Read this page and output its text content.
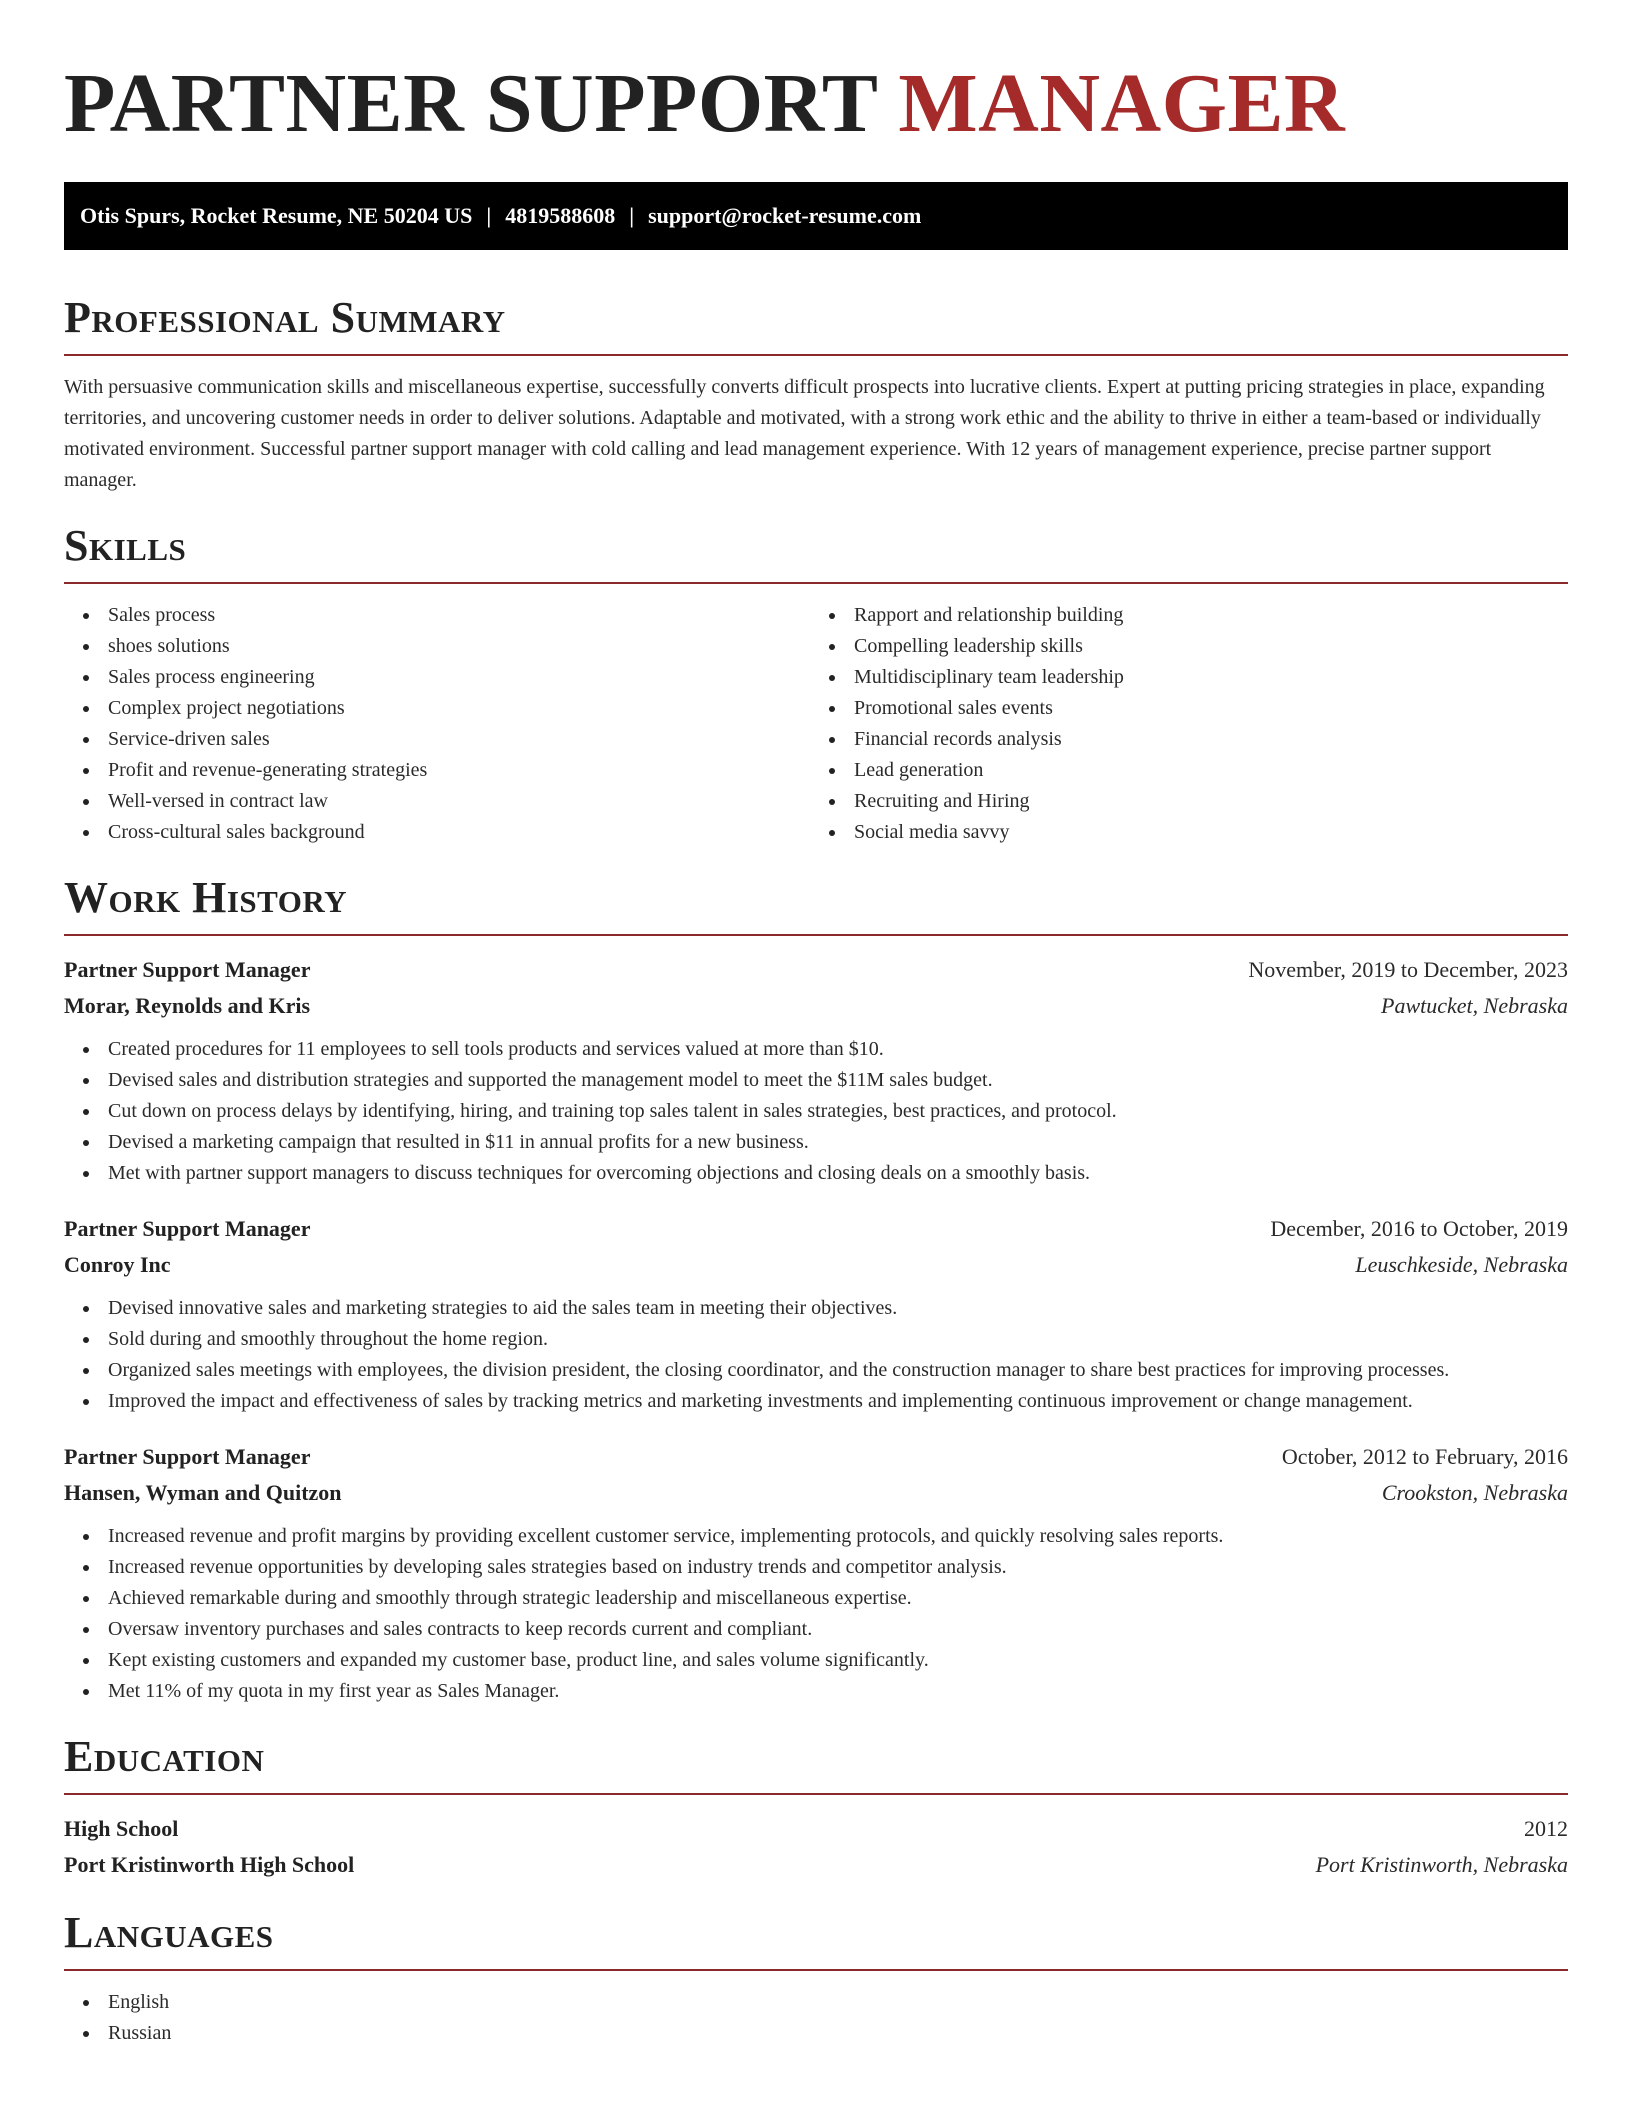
PARTNER SUPPORT MANAGER
Otis Spurs, Rocket Resume, NE 50204 US | 4819588608 | support@rocket-resume.com
Professional Summary

With persuasive communication skills and miscellaneous expertise, successfully converts difficult prospects into lucrative clients. Expert at putting pricing strategies in place, expanding territories, and uncovering customer needs in order to deliver solutions. Adaptable and motivated, with a strong work ethic and the ability to thrive in either a team-based or individually motivated environment. Successful partner support manager with cold calling and lead management experience. With 12 years of management experience, precise partner support manager.

Skills
Sales process
shoes solutions
Sales process engineering
Complex project negotiations
Service-driven sales
Profit and revenue-generating strategies
Well-versed in contract law
Cross-cultural sales background
Rapport and relationship building
Compelling leadership skills
Multidisciplinary team leadership
Promotional sales events
Financial records analysis
Lead generation
Recruiting and Hiring
Social media savvy
Work History
Partner Support Manager	November, 2019 to December, 2023
Morar, Reynolds and Kris	Pawtucket, Nebraska
Created procedures for 11 employees to sell tools products and services valued at more than $10.
Devised sales and distribution strategies and supported the management model to meet the $11M sales budget.
Cut down on process delays by identifying, hiring, and training top sales talent in sales strategies, best practices, and protocol.
Devised a marketing campaign that resulted in $11 in annual profits for a new business.
Met with partner support managers to discuss techniques for overcoming objections and closing deals on a smoothly basis.
Partner Support Manager	December, 2016 to October, 2019
Conroy Inc	Leuschkeside, Nebraska
Devised innovative sales and marketing strategies to aid the sales team in meeting their objectives.
Sold during and smoothly throughout the home region.
Organized sales meetings with employees, the division president, the closing coordinator, and the construction manager to share best practices for improving processes.
Improved the impact and effectiveness of sales by tracking metrics and marketing investments and implementing continuous improvement or change management.
Partner Support Manager	October, 2012 to February, 2016
Hansen, Wyman and Quitzon	Crookston, Nebraska
Increased revenue and profit margins by providing excellent customer service, implementing protocols, and quickly resolving sales reports.
Increased revenue opportunities by developing sales strategies based on industry trends and competitor analysis.
Achieved remarkable during and smoothly through strategic leadership and miscellaneous expertise.
Oversaw inventory purchases and sales contracts to keep records current and compliant.
Kept existing customers and expanded my customer base, product line, and sales volume significantly.
Met 11% of my quota in my first year as Sales Manager.
Education
High School	2012
Port Kristinworth High School	Port Kristinworth, Nebraska
Languages
English
Russian
